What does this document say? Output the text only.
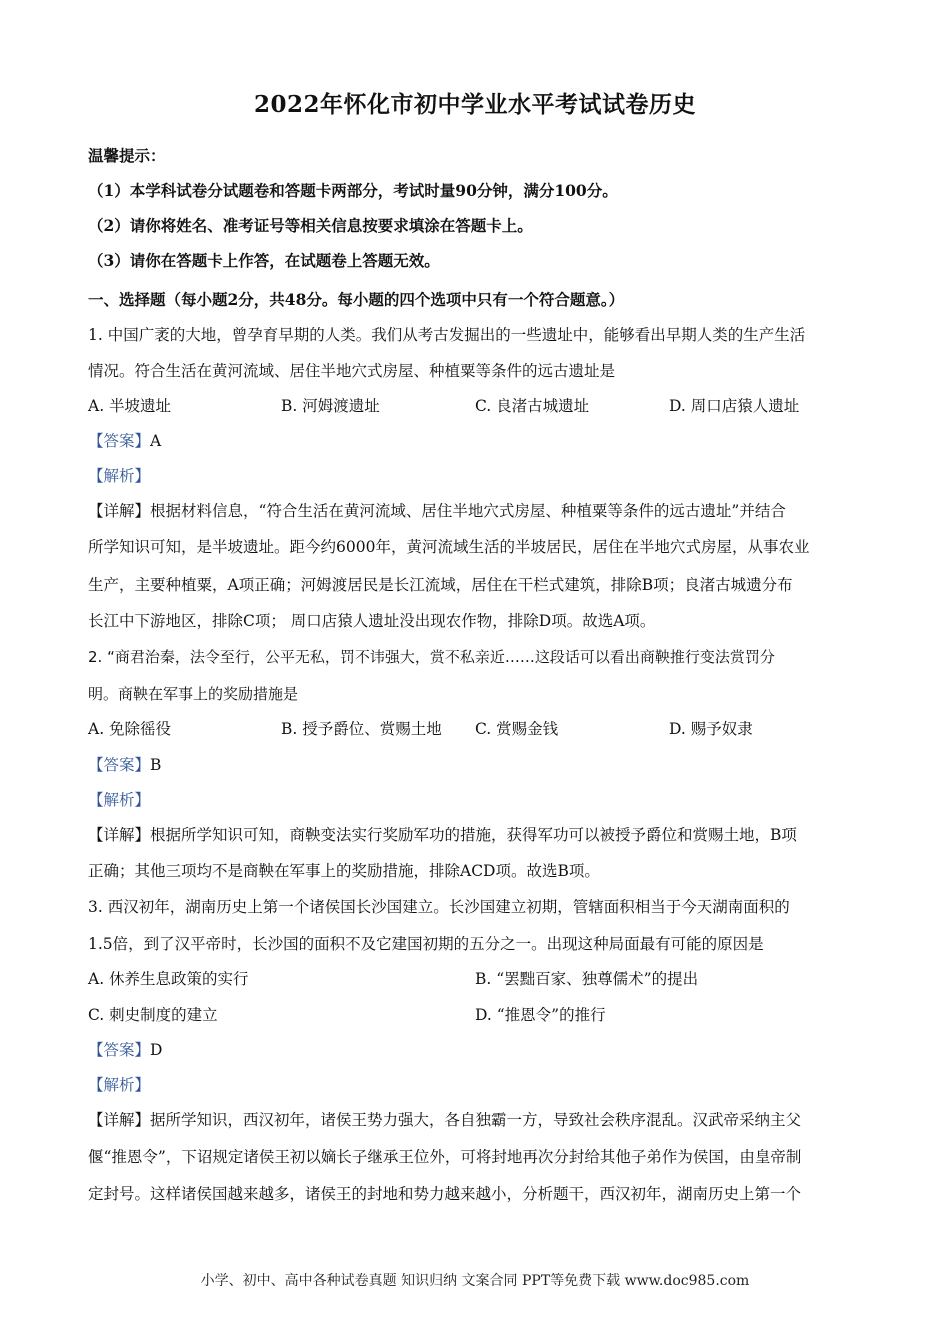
2022年怀化市初中学业水平考试试卷历史
温馨提示：
（1）本学科试卷分试题卷和答题卡两部分，考试时量90分钟，满分100分。
（2）请你将姓名、准考证号等相关信息按要求填涂在答题卡上。
（3）请你在答题卡上作答，在试题卷上答题无效。
一、选择题（每小题2分，共48分。每小题的四个选项中只有一个符合题意。）
1. 中国广袤的大地，曾孕育早期的人类。我们从考古发掘出的一些遗址中，能够看出早期人类的生产生活
情况。符合生活在黄河流域、居住半地穴式房屋、种植粟等条件的远古遗址是
A. 半坡遗址	B. 河姆渡遗址	C. 良渚古城遗址	D. 周口店猿人遗址
【答案】A
【解析】
【详解】根据材料信息，“符合生活在黄河流域、居住半地穴式房屋、种植粟等条件的远古遗址”并结合
所学知识可知，是半坡遗址。距今约6000年，黄河流域生活的半坡居民，居住在半地穴式房屋，从事农业
生产，主要种植粟，A项正确；河姆渡居民是长江流域，居住在干栏式建筑，排除B项；良渚古城遗分布
长江中下游地区，排除C项； 周口店猿人遗址没出现农作物，排除D项。故选A项。
2. “商君治秦，法令至行，公平无私，罚不讳强大，赏不私亲近……这段话可以看出商鞅推行变法赏罚分
明。商鞅在军事上的奖励措施是
A. 免除徭役	B. 授予爵位、赏赐土地 C. 赏赐金钱	D. 赐予奴隶
【答案】B
【解析】
【详解】根据所学知识可知，商鞅变法实行奖励军功的措施，获得军功可以被授予爵位和赏赐土地，B项
正确；其他三项均不是商鞅在军事上的奖励措施，排除ACD项。故选B项。
3. 西汉初年，湖南历史上第一个诸侯国长沙国建立。长沙国建立初期，管辖面积相当于今天湖南面积的
1.5倍，到了汉平帝时，长沙国的面积不及它建国初期的五分之一。出现这种局面最有可能的原因是
A. 休养生息政策的实行	B. “罢黜百家、独尊儒术”的提出
C. 刺史制度的建立	D. “推恩令”的推行
【答案】D
【解析】
【详解】据所学知识，西汉初年，诸侯王势力强大，各自独霸一方，导致社会秩序混乱。汉武帝采纳主父
偃“推恩令”，下诏规定诸侯王初以嫡长子继承王位外，可将封地再次分封给其他子弟作为侯国，由皇帝制
定封号。这样诸侯国越来越多，诸侯王的封地和势力越来越小，分析题干，西汉初年，湖南历史上第一个
小学、初中、高中各种试卷真题 知识归纳 文案合同 PPT等免费下载 www.doc985.com
